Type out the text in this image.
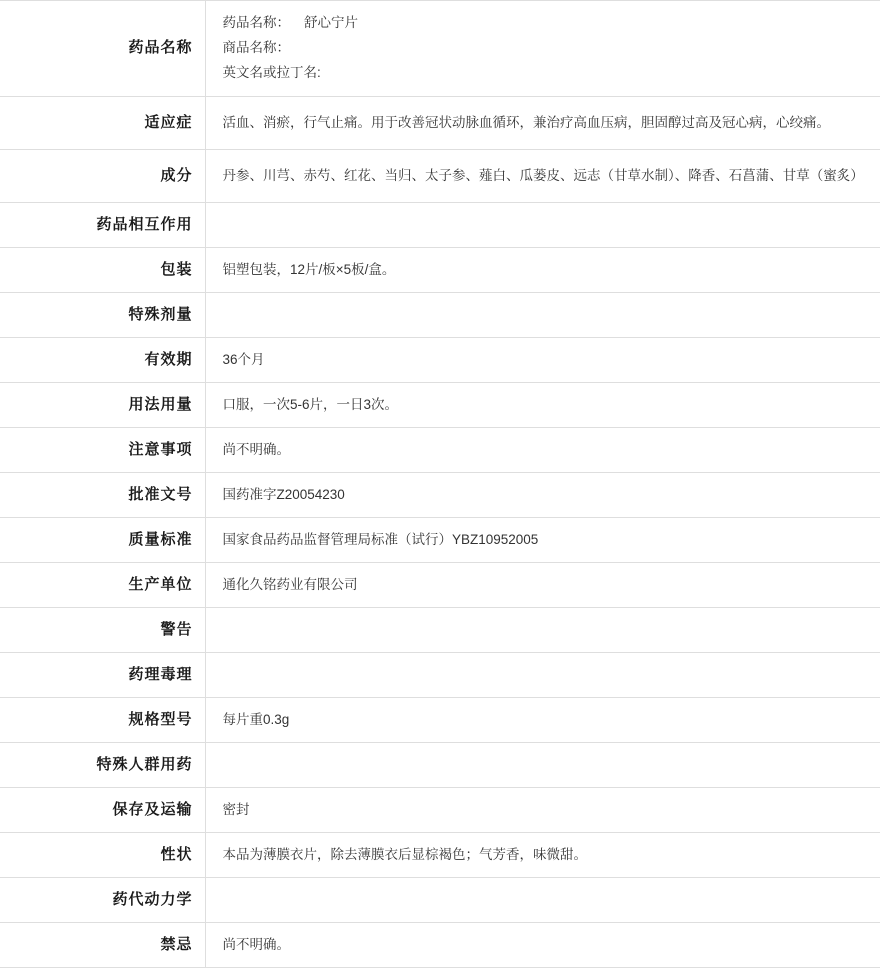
药品名称	药品名称： 舒心宁片
商品名称：
英文名或拉丁名:

适应症	活血、消瘀，行气止痛。用于改善冠状动脉血循环，兼治疗高血压病，胆固醇过高及冠心病，心绞痛。
成分	丹参、川芎、赤芍、红花、当归、太子参、薤白、瓜蒌皮、远志（甘草水制）、降香、石菖蒲、甘草（蜜炙）
药品相互作用	
包装	铝塑包装，12片/板×5板/盒。
特殊剂量	
有效期	36个月
用法用量	口服，一次5-6片，一日3次。
注意事项	尚不明确。
批准文号	国药准字Z20054230
质量标准	国家食品药品监督管理局标准（试行）YBZ10952005
生产单位	通化久铭药业有限公司
警告	
药理毒理	
规格型号	每片重0.3g
特殊人群用药	
保存及运输	密封
性状	本品为薄膜衣片，除去薄膜衣后显棕褐色；气芳香，味微甜。
药代动力学	
禁忌	尚不明确。
